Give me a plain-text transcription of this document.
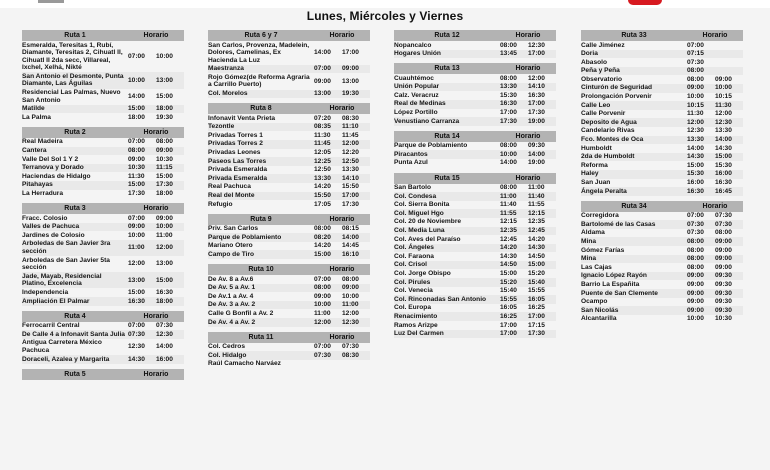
Lunes, Miércoles y Viernes
Ruta 1	Horario
Esmeralda, Teresitas 1, Rubí, Diamante, Teresitas 2, Cihuatl II, Cihuatl II 2da secc, Villareal, Ixchel, Xelhá, Nikté
07:00	10:00
San Antonio el Desmonte, Punta Diamante, Las Águilas
10:00	13:00
Residencial Las Palmas, Nuevo San Antonio
14:00	15:00
Matilde	15:00	18:00
La Palma	18:00	19:30
Ruta 2	Horario
Real Madeira	07:00	08:00
Cantera	08:00	09:00
Valle Del Sol 1 Y 2	09:00	10:30
Terranova y Dorado	10:30	11:15
Haciendas de Hidalgo	11:30	15:00
Pitahayas	15:00	17:30
La Herradura	17:30	18:00
Ruta 3	Horario
Fracc. Colosio	07:00	09:00
Valles de Pachuca	09:00	10:00
Jardines de Colosio	10:00	11:00
Arboledas de San Javier 3ra sección
11:00	12:00
Arboledas de San Javier 5ta sección
12:00	13:00
Jade, Mayab, Residencial Platino, Excelencia
13:00	15:00
Independencia	15:00	16:30
Ampliación El Palmar	16:30	18:00
Ruta 4	Horario
Ferrocarril Central	07:00	07:30
De Calle 4 a Infonavit Santa Julia 07:30	12:30
Antigua Carretera México Pachuca
12:30	14:00
Doraceli, Azalea y Margarita	14:30	16:00
Ruta 5	Horario
Ruta 6 y 7	Horario
San Carlos, Provenza, Madelein, Dolores, Camelinas, Ex Hacienda La Luz
14:00	17:00
Maestranza	07:00	09:00
Rojo Gómez(de Reforma Agraria a Carrillo Puerto)
09:00	13:00
Col. Morelos	13:00	19:30
Ruta 8	Horario
Infonavit Venta Prieta	07:20	08:30
Tezontle	08:35	11:10
Privadas Torres 1	11:30	11:45
Privadas Torres 2	11:45	12:00
Privadas Leones	12:05	12:20
Paseos Las Torres	12:25	12:50
Privada Esmeralda	12:50	13:30
Privada Esmeralda	13:30	14:10
Real Pachuca	14:20	15:50
Real del Monte	15:50	17:00
Refugio	17:05	17:30
Ruta 9	Horario
Priv. San Carlos	08:00	08:15
Parque de Poblamiento	08:20	14:00
Mariano Otero	14:20	14:45
Campo de Tiro	15:00	16:10
Ruta 10	Horario
De Av. 8 a Av.6	07:00	08:00
De Av. 5 a Av. 1	08:00	09:00
De Av.1 a Av. 4	09:00	10:00
De Av. 3 a Av. 2	10:00	11:00
Calle G Bonfil a Av. 2	11:00	12:00
De Av. 4 a Av. 2	12:00	12:30
Ruta 11	Horario
Col. Cedros	07:00	07:30
Col. Hidalgo	07:30	08:30
Raúl Camacho Narváez
Ruta 12	Horario
Nopancalco	08:00	12:30
Hogares Unión	13:45	17:00
Ruta 13	Horario
Cuauhtémoc	08:00	12:00
Unión Popular	13:30	14:10
Calz. Veracruz	15:30	16:30
Real de Medinas	16:30	17:00
López Portillo	17:00	17:30
Venustiano Carranza	17:30	19:00
Ruta 14	Horario
Parque de Poblamiento	08:00	09:30
Piracantos	10:00	14:00
Punta Azul	14:00	19:00
Ruta 15	Horario
San Bartolo	08:00	11:00
Col. Condesa	11:00	11:40
Col. Sierra Bonita	11:40	11:55
Col. Miguel Hgo	11:55	12:15
Col. 20 de Noviembre	12:15	12:35
Col. Media Luna	12:35	12:45
Col. Aves del Paraíso	12:45	14:20
Col. Ángeles	14:20	14:30
Col. Faraona	14:30	14:50
Col. Crisol	14:50	15:00
Col. Jorge Obispo	15:00	15:20
Col. Pirules	15:20	15:40
Col. Venecia	15:40	15:55
Col. Rinconadas San Antonio	15:55	16:05
Col. Europa	16:05	16:25
Renacimiento	16:25	17:00
Ramos Arizpe	17:00	17:15
Luz Del Carmen	17:00	17:30
Ruta 33	Horario
Calle Jiménez	07:00
Doria	07:15
Abasolo	07:30
Peña y Peña	08:00
Observatorio	08:00	09:00
Cinturón de Seguridad	09:00	10:00
Prolongación Porvenir	10:00	10:15
Calle Leo	10:15	11:30
Calle Porvenir	11:30	12:00
Deposito de Agua	12:00	12:30
Candelario Rivas	12:30	13:30
Fco. Montes de Oca	13:30	14:00
Humboldt	14:00	14:30
2da de Humboldt	14:30	15:00
Reforma	15:00	15:30
Haley	15:30	16:00
San Juan	16:00	16:30
Ángela Peralta	16:30	16:45
Ruta 34	Horario
Corregidora	07:00	07:30
Bartolomé de las Casas	07:30	07:30
Aldama	07:30	08:00
Mina	08:00	09:00
Gómez Farías	08:00	09:00
Mina	08:00	09:00
Las Cajas	08:00	09:00
Ignacio López Rayón	09:00	09:30
Barrio La Españita	09:00	09:30
Puente de San Clemente	09:00	09:30
Ocampo	09:00	09:30
San Nicolás	09:00	09:30
Alcantarilla	10:00	10:30
